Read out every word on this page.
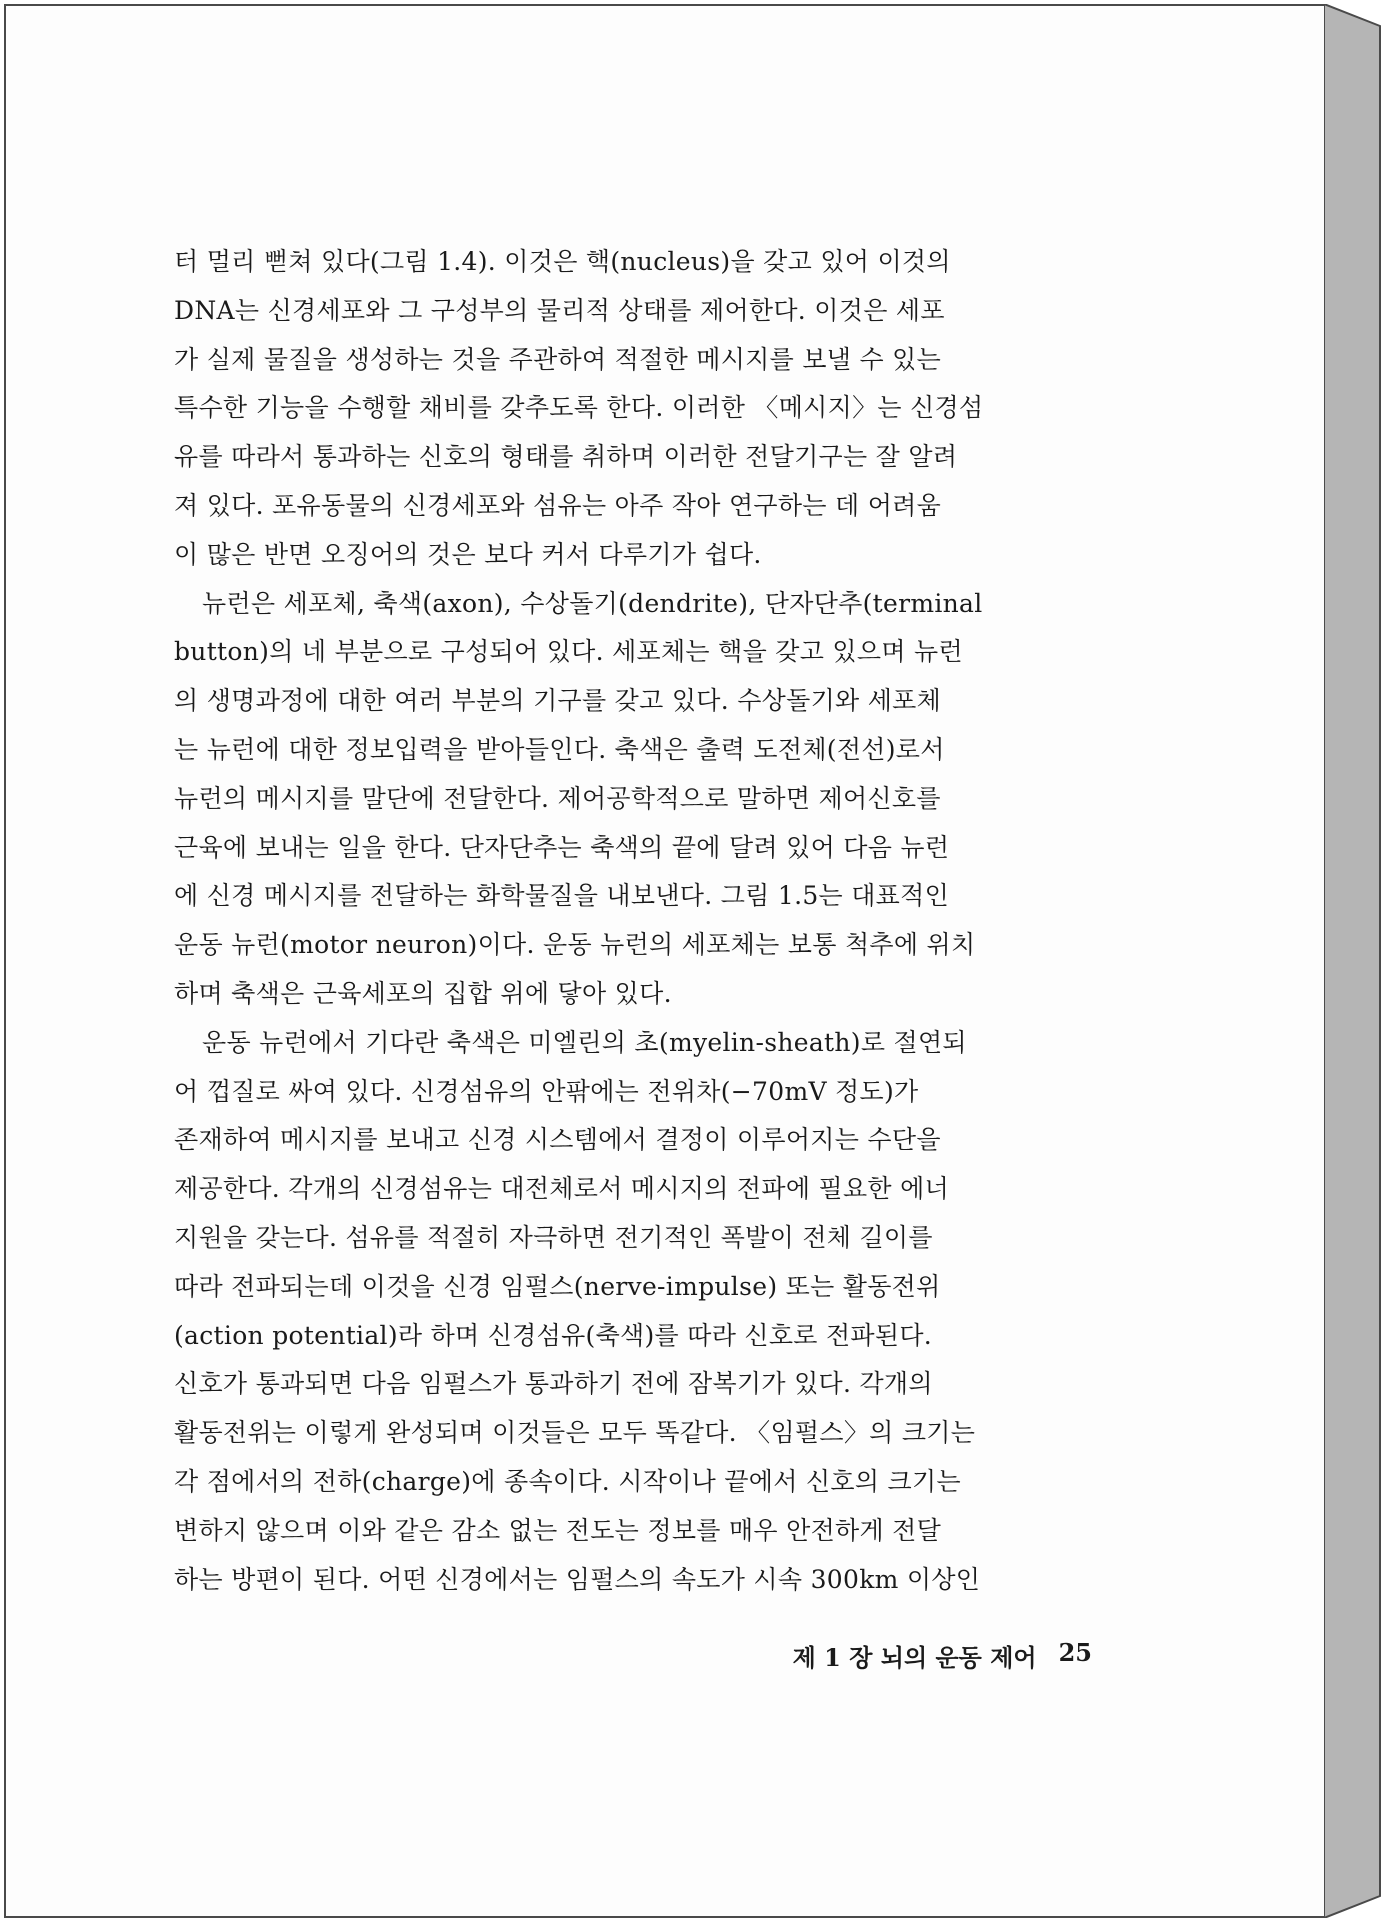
터 멀리 뻗쳐 있다(그림 1.4). 이것은 핵(nucleus)을 갖고 있어 이것의
DNA는 신경세포와 그 구성부의 물리적 상태를 제어한다. 이것은 세포
가 실제 물질을 생성하는 것을 주관하여 적절한 메시지를 보낼 수 있는
특수한 기능을 수행할 채비를 갖추도록 한다. 이러한 〈메시지〉는 신경섬
유를 따라서 통과하는 신호의 형태를 취하며 이러한 전달기구는 잘 알려
져 있다. 포유동물의 신경세포와 섬유는 아주 작아 연구하는 데 어려움
이 많은 반면 오징어의 것은 보다 커서 다루기가 쉽다.

뉴런은 세포체, 축색(axon), 수상돌기(dendrite), 단자단추(terminal
button)의 네 부분으로 구성되어 있다. 세포체는 핵을 갖고 있으며 뉴런
의 생명과정에 대한 여러 부분의 기구를 갖고 있다. 수상돌기와 세포체
는 뉴런에 대한 정보입력을 받아들인다. 축색은 출력 도전체(전선)로서
뉴런의 메시지를 말단에 전달한다. 제어공학적으로 말하면 제어신호를
근육에 보내는 일을 한다. 단자단추는 축색의 끝에 달려 있어 다음 뉴런
에 신경 메시지를 전달하는 화학물질을 내보낸다. 그림 1.5는 대표적인
운동 뉴런(motor neuron)이다. 운동 뉴런의 세포체는 보통 척추에 위치
하며 축색은 근육세포의 집합 위에 닿아 있다.

운동 뉴런에서 기다란 축색은 미엘린의 초(myelin-sheath)로 절연되
어 껍질로 싸여 있다. 신경섬유의 안팎에는 전위차(−70mV 정도)가
존재하여 메시지를 보내고 신경 시스템에서 결정이 이루어지는 수단을
제공한다. 각개의 신경섬유는 대전체로서 메시지의 전파에 필요한 에너
지원을 갖는다. 섬유를 적절히 자극하면 전기적인 폭발이 전체 길이를
따라 전파되는데 이것을 신경 임펄스(nerve-impulse) 또는 활동전위
(action potential)라 하며 신경섬유(축색)를 따라 신호로 전파된다.
신호가 통과되면 다음 임펄스가 통과하기 전에 잠복기가 있다. 각개의
활동전위는 이렇게 완성되며 이것들은 모두 똑같다. 〈임펄스〉의 크기는
각 점에서의 전하(charge)에 종속이다. 시작이나 끝에서 신호의 크기는
변하지 않으며 이와 같은 감소 없는 전도는 정보를 매우 안전하게 전달
하는 방편이 된다. 어떤 신경에서는 임펄스의 속도가 시속 300km 이상인

제 1 장 뇌의 운동 제어 25
